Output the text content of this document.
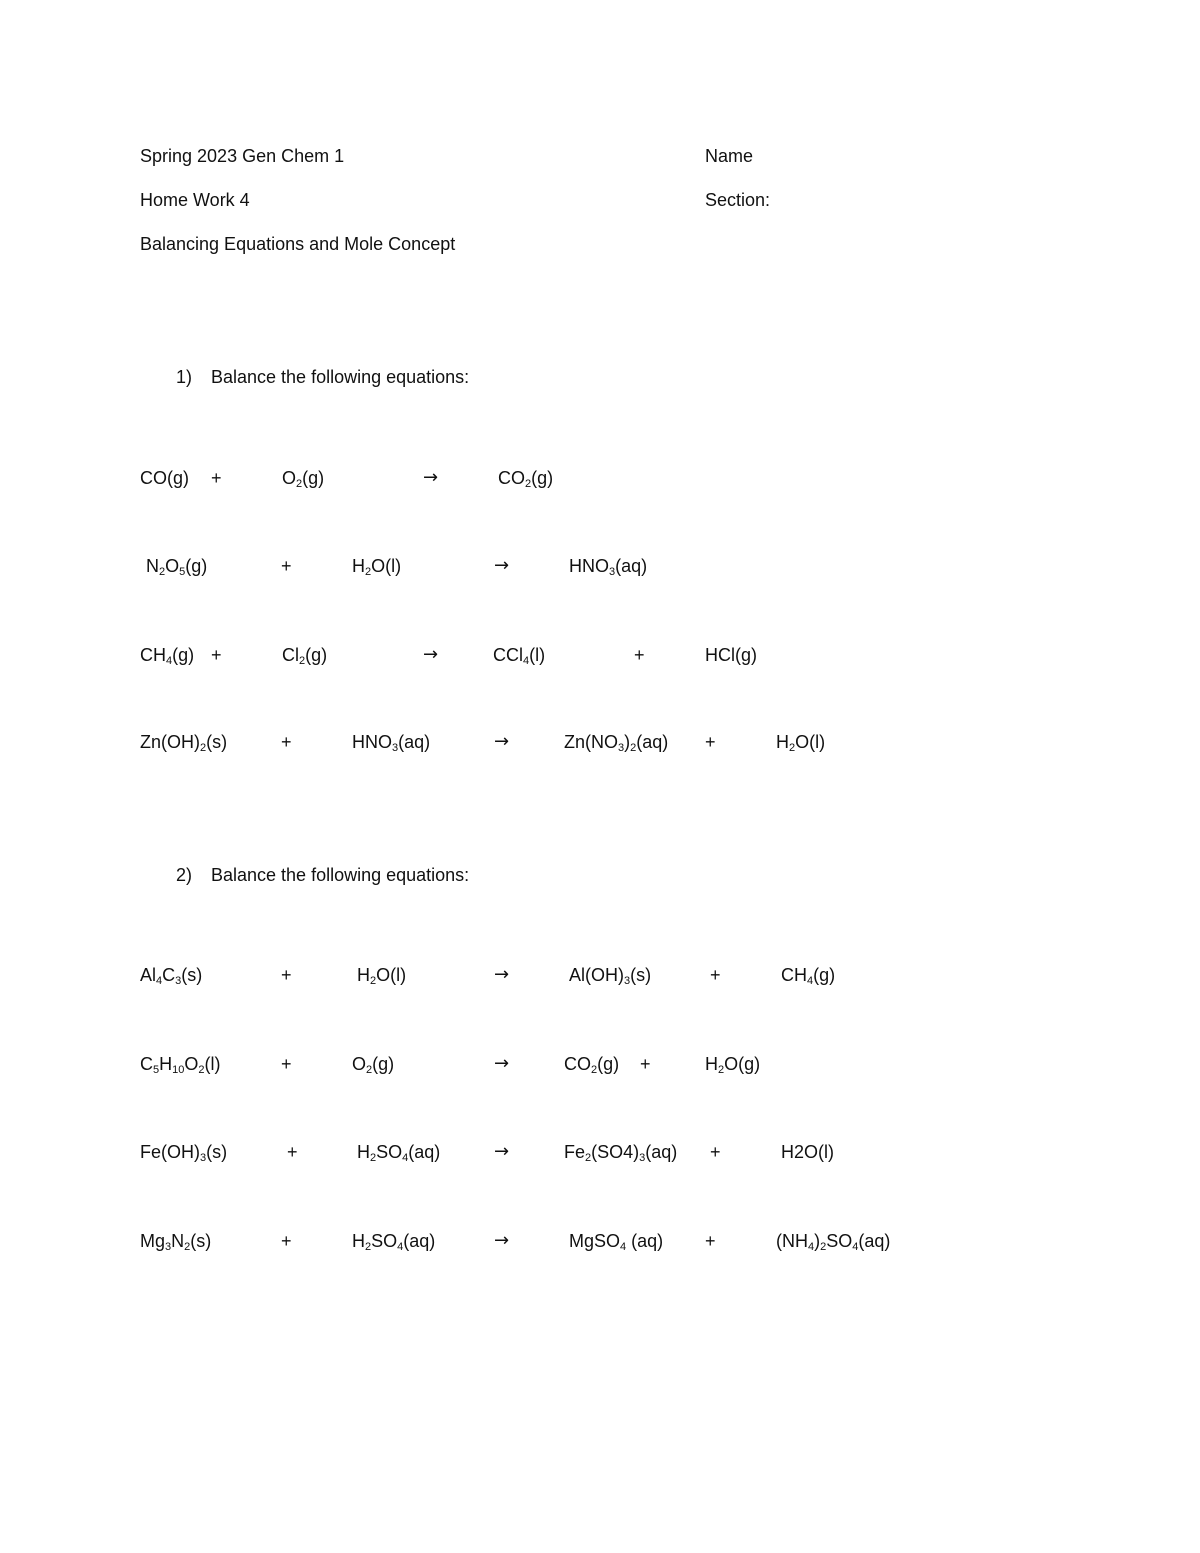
Spring 2023 Gen Chem 1	Name
Home Work 4	Section:
Balancing Equations and Mole Concept
1) Balance the following equations:
CO(g) +	$O_2(g)$	→	$CO_2(g)$
$N_2O_5(g)$	+	$H_2O(l)$	→	$HNO_3(aq)$
$CH_4(g)$ +	$Cl_2(g)$	→	CCl$_4$(l)	+	HCl(g)
$Zn(OH)_2(s)$	+	$HNO_3(aq)$	→	$Zn(NO_3)_2(aq)$ +	$H_2O(l)$
2) Balance the following equations:
$Al_4C_3(s)$	+	$H_2O(l)$	→	$Al(OH)_3(s)$	+	$CH_4(g)$
$C_5H_{10}O_2(l)$	+	$O_2(g)$	→	$CO_2(g)$ +	$H_2O(g)$
$Fe(OH)_3(s)$	+	$H_2SO_4(aq)$	→	$Fe_2(SO4)_3(aq)$ +	H2O(l)
$Mg_3N_2(s)$	+	$H_2SO_4(aq)$	→	MgSO$_4$ (aq) +	$(NH_4)_2SO_4(aq)$
